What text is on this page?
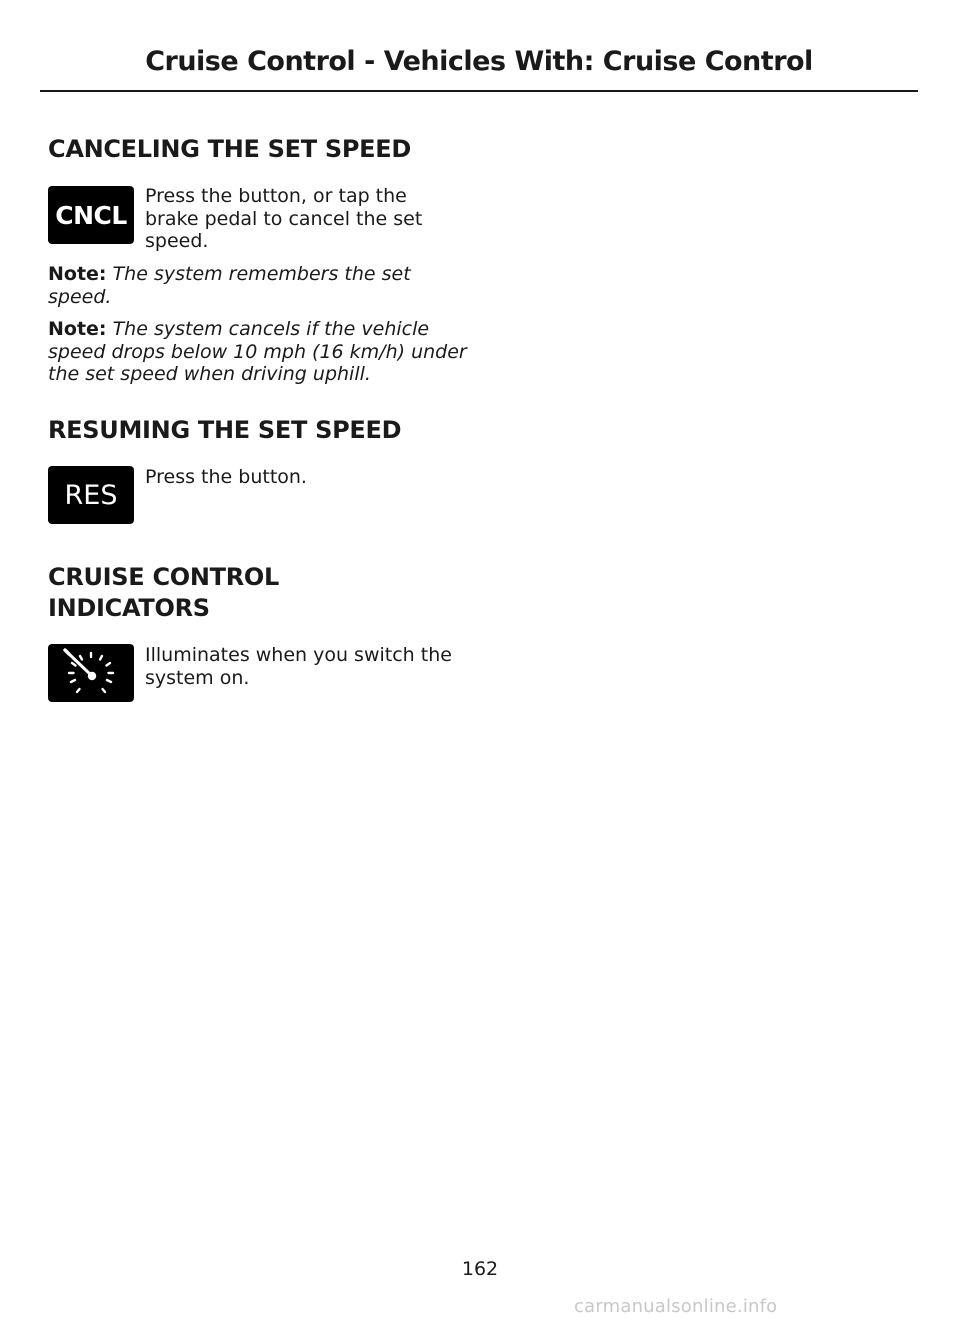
Cruise Control - Vehicles With: Cruise Control
CANCELING THE SET SPEED
CNCL

Press the button, or tap the brake pedal to cancel the set speed.

Note: The system remembers the set speed.

Note: The system cancels if the vehicle speed drops below 10 mph (16 km/h) under the set speed when driving uphill.

RESUMING THE SET SPEED
RES

Press the button.

CRUISE CONTROL
INDICATORS

Illuminates when you switch the system on.

162
carmanualsonline.info
